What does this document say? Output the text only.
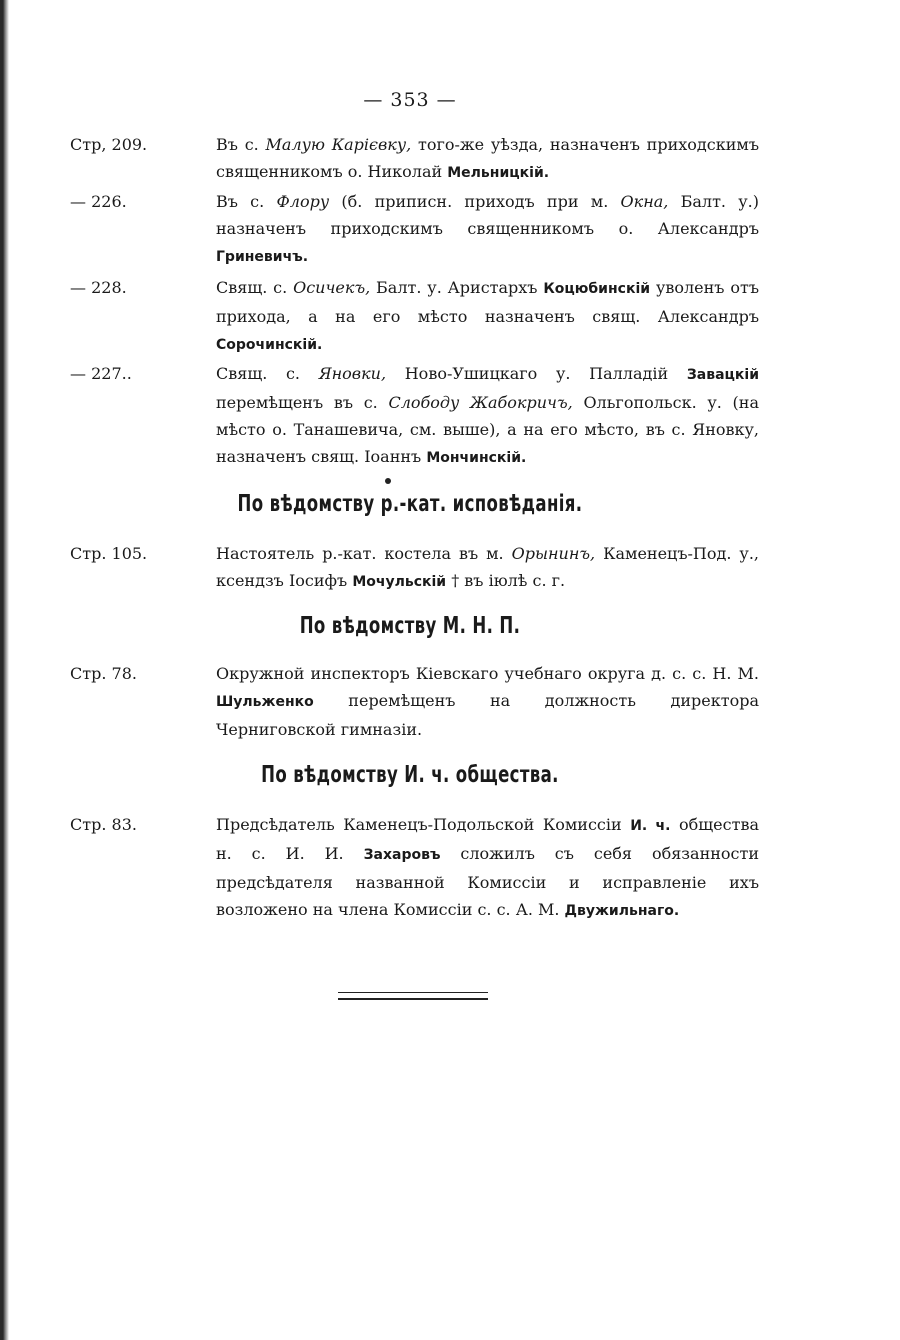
— 353 —
Стр, 209.	Въ с. Малую Карієвку, того-же уѣзда, назначенъ приходскимъ священникомъ о. Николай Мельницкій.
— 226.	Въ с. Флору (б. приписн. приходъ при м. Окна, Балт. у.) назначенъ приходскимъ священникомъ о. Александръ Гриневичъ.
— 228.	Свящ. с. Осичекъ, Балт. у. Аристархъ Коцюбинскій уволенъ отъ прихода, а на его мѣсто назначенъ свящ. Александръ Сорочинскій.
— 227..	Свящ. с. Яновки, Ново-Ушицкаго у. Палладій Завацкій перемѣщенъ въ с. Слободу Жабокричъ, Ольгопольск. у. (на мѣсто о. Танашевича, см. выше), а на его мѣсто, въ с. Яновку, назначенъ свящ. Іоаннъ Мончинскій.
По вѣдомству р.-кат. исповѣданія.
Стр. 105.	Настоятель р.-кат. костела въ м. Орынинъ, Каменецъ-Под. у., ксендзъ Іосифъ Мочульскій † въ іюлѣ с. г.
По вѣдомству М. Н. П.
Стр. 78.	Окружной инспекторъ Кіевскаго учебнаго округа д. с. с. Н. М. Шульженко перемѣщенъ на должность директора Черниговской гимназіи.
По вѣдомству И. ч. общества.
Стр. 83.	Предсѣдатель Каменецъ-Подольской Комиссіи И. ч. общества н. с. И. И. Захаровъ сложилъ съ себя обязанности предсѣдателя названной Комиссіи и исправленіе ихъ возложено на члена Комиссіи с. с. А. М. Двужильнаго.
